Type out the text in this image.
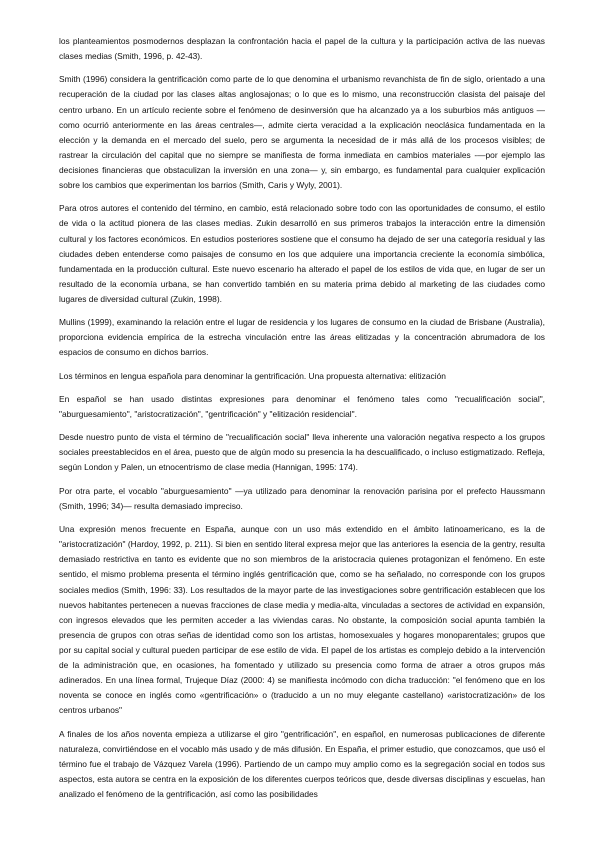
los planteamientos posmodernos desplazan la confrontación hacia el papel de la cultura y la participación activa de las nuevas clases medias (Smith, 1996, p. 42-43).

Smith (1996) considera la gentrificación como parte de lo que denomina el urbanismo revanchista de fin de siglo, orientado a una recuperación de la ciudad por las clases altas anglosajonas; o lo que es lo mismo, una reconstrucción clasista del paisaje del centro urbano. En un artículo reciente sobre el fenómeno de desinversión que ha alcanzado ya a los suburbios más antiguos —como ocurrió anteriormente en las áreas centrales—, admite cierta veracidad a la explicación neoclásica fundamentada en la elección y la demanda en el mercado del suelo, pero se argumenta la necesidad de ir más allá de los procesos visibles; de rastrear la circulación del capital que no siempre se manifiesta de forma inmediata en cambios materiales -—por ejemplo las decisiones financieras que obstaculizan la inversión en una zona— y, sin embargo, es fundamental para cualquier explicación sobre los cambios que experimentan los barrios (Smith, Caris y Wyly, 2001).

Para otros autores el contenido del término, en cambio, está relacionado sobre todo con las oportunidades de consumo, el estilo de vida o la actitud pionera de las clases medias. Zukin desarrolló en sus primeros trabajos la interacción entre la dimensión cultural y los factores económicos. En estudios posteriores sostiene que el consumo ha dejado de ser una categoría residual y las ciudades deben entenderse como paisajes de consumo en los que adquiere una importancia creciente la economía simbólica, fundamentada en la producción cultural. Este nuevo escenario ha alterado el papel de los estilos de vida que, en lugar de ser un resultado de la economía urbana, se han convertido también en su materia prima debido al marketing de las ciudades como lugares de diversidad cultural (Zukin, 1998).

Mullins (1999), examinando la relación entre el lugar de residencia y los lugares de consumo en la ciudad de Brisbane (Australia), proporciona evidencia empírica de la estrecha vinculación entre las áreas elitizadas y la concentración abrumadora de los espacios de consumo en dichos barrios.

Los términos en lengua española para denominar la gentrificación. Una propuesta alternativa: elitización

En español se han usado distintas expresiones para denominar el fenómeno tales como "recualificación social", "aburguesamiento", "aristocratización", "gentrificación" y "elitización residencial".

Desde nuestro punto de vista el término de "recualificación social" lleva inherente una valoración negativa respecto a los grupos sociales preestablecidos en el área, puesto que de algún modo su presencia la ha descualificado, o incluso estigmatizado. Refleja, según London y Palen, un etnocentrismo de clase media (Hannigan, 1995: 174).

Por otra parte, el vocablo "aburguesamiento" —ya utilizado para denominar la renovación parisina por el prefecto Haussmann (Smith, 1996; 34)— resulta demasiado impreciso.

Una expresión menos frecuente en España, aunque con un uso más extendido en el ámbito latinoamericano, es la de "aristocratización" (Hardoy, 1992, p. 211). Si bien en sentido literal expresa mejor que las anteriores la esencia de la gentry, resulta demasiado restrictiva en tanto es evidente que no son miembros de la aristocracia quienes protagonizan el fenómeno. En este sentido, el mismo problema presenta el término inglés gentrificación que, como se ha señalado, no corresponde con los grupos sociales medios (Smith, 1996: 33). Los resultados de la mayor parte de las investigaciones sobre gentrificación establecen que los nuevos habitantes pertenecen a nuevas fracciones de clase media y media-alta, vinculadas a sectores de actividad en expansión, con ingresos elevados que les permiten acceder a las viviendas caras. No obstante, la composición social apunta también la presencia de grupos con otras señas de identidad como son los artistas, homosexuales y hogares monoparentales; grupos que por su capital social y cultural pueden participar de ese estilo de vida. El papel de los artistas es complejo debido a la intervención de la administración que, en ocasiones, ha fomentado y utilizado su presencia como forma de atraer a otros grupos más adinerados. En una línea formal, Trujeque Díaz (2000: 4) se manifiesta incómodo con dicha traducción: "el fenómeno que en los noventa se conoce en inglés como «gentrificación» o (traducido a un no muy elegante castellano) «aristocratización» de los centros urbanos"

A finales de los años noventa empieza a utilizarse el giro "gentrificación", en español, en numerosas publicaciones de diferente naturaleza, convirtiéndose en el vocablo más usado y de más difusión. En España, el primer estudio, que conozcamos, que usó el término fue el trabajo de Vázquez Varela (1996). Partiendo de un campo muy amplio como es la segregación social en todos sus aspectos, esta autora se centra en la exposición de los diferentes cuerpos teóricos que, desde diversas disciplinas y escuelas, han analizado el fenómeno de la gentrificación, así como las posibilidades
